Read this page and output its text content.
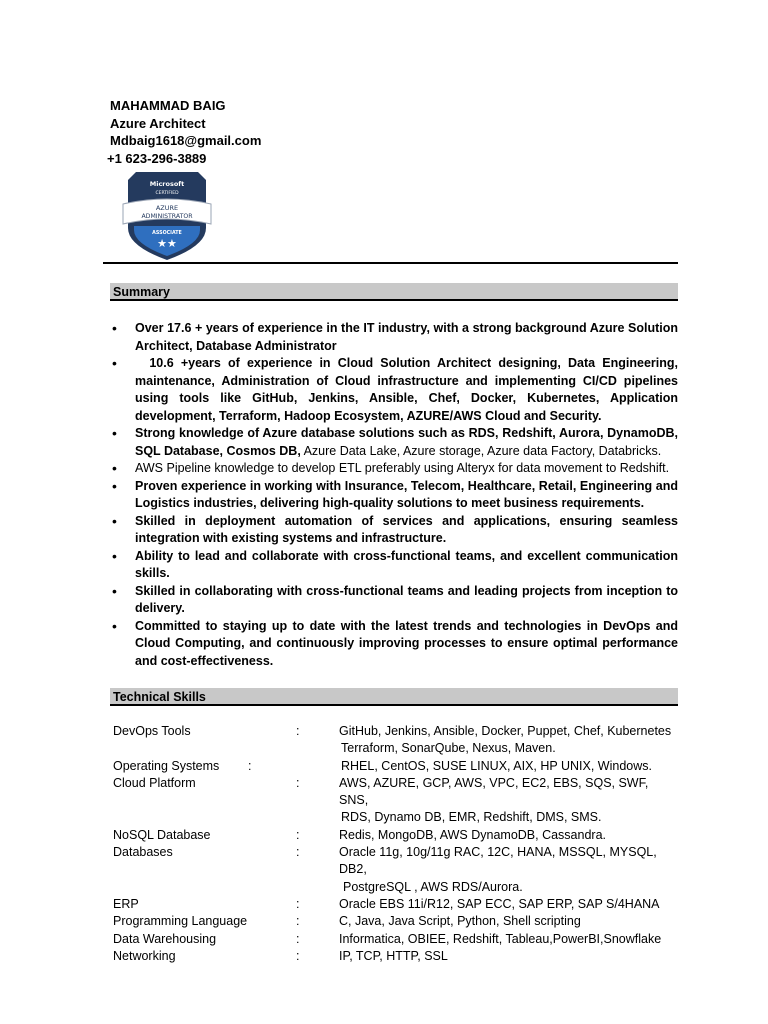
MAHAMMAD BAIG
Azure Architect
Mdbaig1618@gmail.com
+1 623-296-3889
Microsoft
CERTIFIED
AZURE
ADMINISTRATOR
ASSOCIATE
★★
Summary
• Over 17.6 + years of experience in the IT industry, with a strong background Azure Solution Architect, Database Administrator
•   10.6 +years of experience in Cloud Solution Architect designing, Data Engineering, maintenance, Administration of Cloud infrastructure and implementing CI/CD pipelines using tools like GitHub, Jenkins, Ansible, Chef, Docker, Kubernetes, Application development, Terraform, Hadoop Ecosystem, AZURE/AWS Cloud and Security.
• Strong knowledge of Azure database solutions such as RDS, Redshift, Aurora, DynamoDB, SQL Database, Cosmos DB, Azure Data Lake, Azure storage, Azure data Factory, Databricks.
• AWS Pipeline knowledge to develop ETL preferably using Alteryx for data movement to Redshift.
• Proven experience in working with Insurance, Telecom, Healthcare, Retail, Engineering and Logistics industries, delivering high-quality solutions to meet business requirements.
• Skilled in deployment automation of services and applications, ensuring seamless integration with existing systems and infrastructure.
• Ability to lead and collaborate with cross-functional teams, and excellent communication skills.
• Skilled in collaborating with cross-functional teams and leading projects from inception to delivery.
• Committed to staying up to date with the latest trends and technologies in DevOps and Cloud Computing, and continuously improving processes to ensure optimal performance and cost-effectiveness.
Technical Skills
DevOps Tools	:	GitHub, Jenkins, Ansible, Docker, Puppet, Chef, Kubernetes
Terraform, SonarQube, Nexus, Maven.
Operating Systems :	RHEL, CentOS, SUSE LINUX, AIX, HP UNIX, Windows.
Cloud Platform	:	AWS, AZURE, GCP, AWS, VPC, EC2, EBS, SQS, SWF, SNS,
RDS, Dynamo DB, EMR, Redshift, DMS, SMS.
NoSQL Database	:	Redis, MongoDB, AWS DynamoDB, Cassandra.
Databases	:	Oracle 11g, 10g/11g RAC, 12C, HANA, MSSQL, MYSQL, DB2,
PostgreSQL , AWS RDS/Aurora.
ERP	:	Oracle EBS 11i/R12, SAP ECC, SAP ERP, SAP S/4HANA
Programming Language	:	C, Java, Java Script, Python, Shell scripting
Data Warehousing	:	Informatica, OBIEE, Redshift, Tableau,PowerBI,Snowflake
Networking	:	IP, TCP, HTTP, SSL
